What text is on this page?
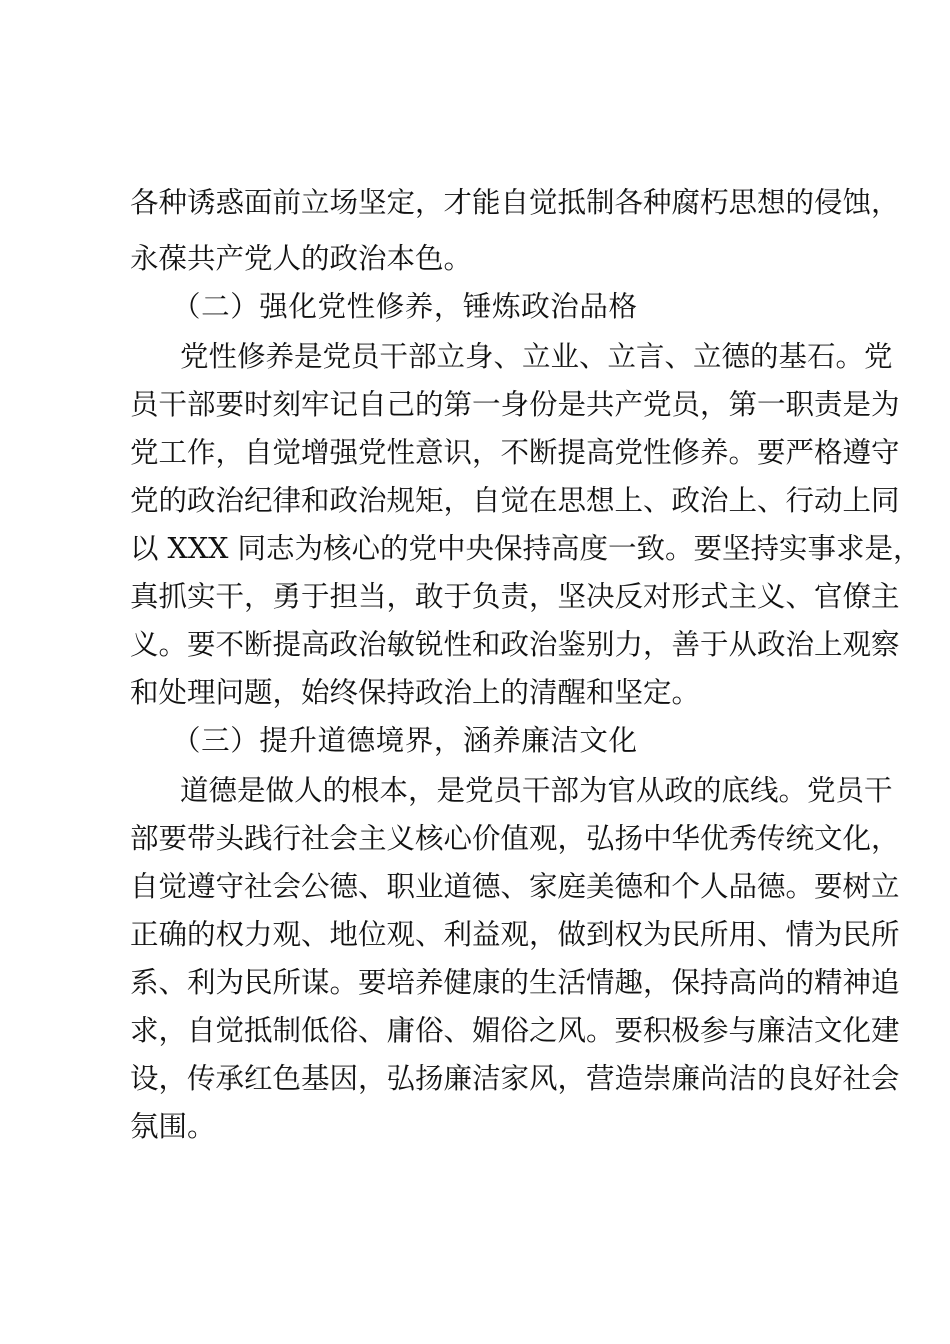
各种诱惑面前立场坚定，才能自觉抵制各种腐朽思想的侵蚀，
永葆共产党人的政治本色。
（二）强化党性修养，锤炼政治品格
党性修养是党员干部立身、立业、立言、立德的基石。党
员干部要时刻牢记自己的第一身份是共产党员，第一职责是为
党工作，自觉增强党性意识，不断提高党性修养。要严格遵守
党的政治纪律和政治规矩，自觉在思想上、政治上、行动上同
以 XXX 同志为核心的党中央保持高度一致。要坚持实事求是，
真抓实干，勇于担当，敢于负责，坚决反对形式主义、官僚主
义。要不断提高政治敏锐性和政治鉴别力，善于从政治上观察
和处理问题，始终保持政治上的清醒和坚定。
（三）提升道德境界，涵养廉洁文化
道德是做人的根本，是党员干部为官从政的底线。党员干
部要带头践行社会主义核心价值观，弘扬中华优秀传统文化，
自觉遵守社会公德、职业道德、家庭美德和个人品德。要树立
正确的权力观、地位观、利益观，做到权为民所用、情为民所
系、利为民所谋。要培养健康的生活情趣，保持高尚的精神追
求，自觉抵制低俗、庸俗、媚俗之风。要积极参与廉洁文化建
设，传承红色基因，弘扬廉洁家风，营造崇廉尚洁的良好社会
氛围。
